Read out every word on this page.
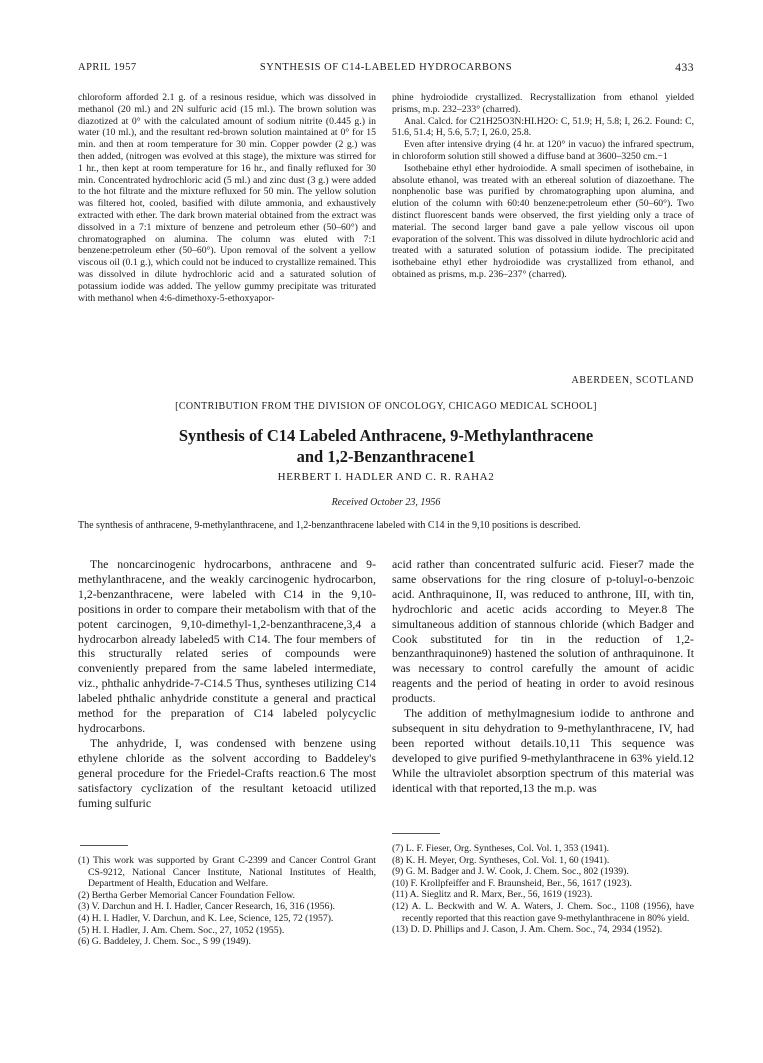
APRIL 1957	SYNTHESIS OF C14-LABELED HYDROCARBONS	433

chloroform afforded 2.1 g. of a resinous residue, which was dissolved in methanol (20 ml.) and 2N sulfuric acid (15 ml.). The brown solution was diazotized at 0° with the calculated amount of sodium nitrite (0.445 g.) in water (10 ml.), and the resultant red-brown solution maintained at 0° for 15 min. and then at room temperature for 30 min. Copper powder (2 g.) was then added, (nitrogen was evolved at this stage), the mixture was stirred for 1 hr., then kept at room temperature for 16 hr., and finally refluxed for 30 min. Concentrated hydrochloric acid (5 ml.) and zinc dust (3 g.) were added to the hot filtrate and the mixture refluxed for 50 min. The yellow solution was filtered hot, cooled, basified with dilute ammonia, and exhaustively extracted with ether. The dark brown material obtained from the extract was dissolved in a 7:1 mixture of benzene and petroleum ether (50–60°) and chromatographed on alumina. The column was eluted with 7:1 benzene:petroleum ether (50–60°). Upon removal of the solvent a yellow viscous oil (0.1 g.), which could not be induced to crystallize remained. This was dissolved in dilute hydrochloric acid and a saturated solution of potassium iodide was added. The yellow gummy precipitate was triturated with methanol when 4:6-dimethoxy-5-ethoxyapor-

phine hydroiodide crystallized. Recrystallization from ethanol yielded prisms, m.p. 232–233° (charred).

Anal. Calcd. for C21H25O3N:HI.H2O: C, 51.9; H, 5.8; I, 26.2. Found: C, 51.6, 51.4; H, 5.6, 5.7; I, 26.0, 25.8.

Even after intensive drying (4 hr. at 120° in vacuo) the infrared spectrum, in chloroform solution still showed a diffuse band at 3600–3250 cm.−1

Isothebaine ethyl ether hydroiodide. A small specimen of isothebaine, in absolute ethanol, was treated with an ethereal solution of diazoethane. The nonphenolic base was purified by chromatographing upon alumina, and elution of the column with 60:40 benzene:petroleum ether (50–60°). Two distinct fluorescent bands were observed, the first yielding only a trace of material. The second larger band gave a pale yellow viscous oil upon evaporation of the solvent. This was dissolved in dilute hydrochloric acid and treated with a saturated solution of potassium iodide. The precipitated isothebaine ethyl ether hydroiodide was crystallized from ethanol, and obtained as prisms, m.p. 236–237° (charred).

ABERDEEN, SCOTLAND
[CONTRIBUTION FROM THE DIVISION OF ONCOLOGY, CHICAGO MEDICAL SCHOOL]
Synthesis of C14 Labeled Anthracene, 9-Methylanthracene
and 1,2-Benzanthracene1
HERBERT I. HADLER AND C. R. RAHA2
Received October 23, 1956
The synthesis of anthracene, 9-methylanthracene, and 1,2-benzanthracene labeled with C14 in the 9,10 positions is described.

The noncarcinogenic hydrocarbons, anthracene and 9-methylanthracene, and the weakly carcinogenic hydrocarbon, 1,2-benzanthracene, were labeled with C14 in the 9,10-positions in order to compare their metabolism with that of the potent carcinogen, 9,10-dimethyl-1,2-benzanthracene,3,4 a hydrocarbon already labeled5 with C14. The four members of this structurally related series of compounds were conveniently prepared from the same labeled intermediate, viz., phthalic anhydride-7-C14.5 Thus, syntheses utilizing C14 labeled phthalic anhydride constitute a general and practical method for the preparation of C14 labeled polycyclic hydrocarbons.

The anhydride, I, was condensed with benzene using ethylene chloride as the solvent according to Baddeley's general procedure for the Friedel-Crafts reaction.6 The most satisfactory cyclization of the resultant ketoacid utilized fuming sulfuric

acid rather than concentrated sulfuric acid. Fieser7 made the same observations for the ring closure of p-toluyl-o-benzoic acid. Anthraquinone, II, was reduced to anthrone, III, with tin, hydrochloric and acetic acids according to Meyer.8 The simultaneous addition of stannous chloride (which Badger and Cook substituted for tin in the reduction of 1,2-benzanthraquinone9) hastened the solution of anthraquinone. It was necessary to control carefully the amount of acidic reagents and the period of heating in order to avoid resinous products.

The addition of methylmagnesium iodide to anthrone and subsequent in situ dehydration to 9-methylanthracene, IV, had been reported without details.10,11 This sequence was developed to give purified 9-methylanthracene in 63% yield.12 While the ultraviolet absorption spectrum of this material was identical with that reported,13 the m.p. was

(1) This work was supported by Grant C-2399 and Cancer Control Grant CS-9212, National Cancer Institute, National Institutes of Health, Department of Health, Education and Welfare.

(2) Bertha Gerber Memorial Cancer Foundation Fellow.

(3) V. Darchun and H. I. Hadler, Cancer Research, 16, 316 (1956).

(4) H. I. Hadler, V. Darchun, and K. Lee, Science, 125, 72 (1957).

(5) H. I. Hadler, J. Am. Chem. Soc., 27, 1052 (1955).

(6) G. Baddeley, J. Chem. Soc., S 99 (1949).

(7) L. F. Fieser, Org. Syntheses, Col. Vol. 1, 353 (1941).

(8) K. H. Meyer, Org. Syntheses, Col. Vol. 1, 60 (1941).

(9) G. M. Badger and J. W. Cook, J. Chem. Soc., 802 (1939).

(10) F. Krollpfeiffer and F. Braunsheid, Ber., 56, 1617 (1923).

(11) A. Sieglitz and R. Marx, Ber., 56, 1619 (1923).

(12) A. L. Beckwith and W. A. Waters, J. Chem. Soc., 1108 (1956), have recently reported that this reaction gave 9-methylanthracene in 80% yield.

(13) D. D. Phillips and J. Cason, J. Am. Chem. Soc., 74, 2934 (1952).
